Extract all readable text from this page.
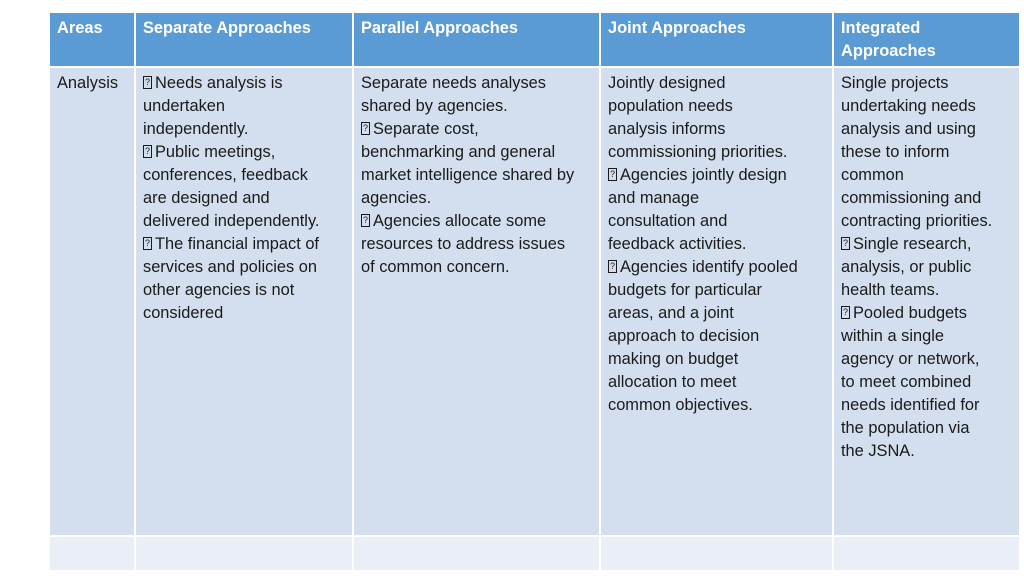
Areas	Separate Approaches	Parallel Approaches	Joint Approaches	Integrated
Approaches
Analysis
?	Needs analysis is
undertaken
independently.
?Public meetings,
conferences, feedback
are designed and
delivered independently.
?The financial impact of
services and policies on
other agencies is not
considered
Separate needs analyses
shared by agencies.
?Separate cost,
benchmarking and general
market intelligence shared by
agencies.
?Agencies allocate some
resources to address issues
of common concern.
Jointly designed
population needs
analysis informs
commissioning priorities.
?Agencies jointly design
and manage
consultation and
feedback activities.
?Agencies identify pooled
budgets for particular
areas, and a joint
approach to decision
making on budget
allocation to meet
common objectives.
Single projects
undertaking needs
analysis and using
these to inform
common
commissioning and
contracting priorities.
?Single research,
analysis, or public
health teams.
?Pooled budgets
within a single
agency or network,
to meet combined
needs identified for
the population via
the JSNA.
